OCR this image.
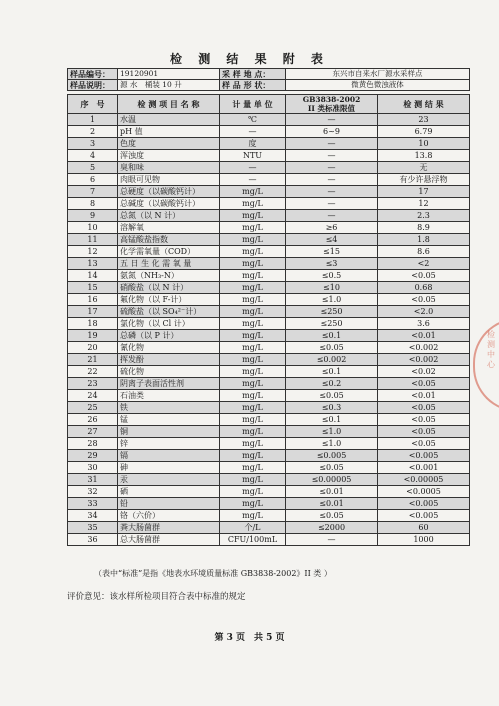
检 测 结 果 附 表
样品编号：	19120901	采 样 地 点：	东兴市自来水厂源水采样点
样品说明：	源 水　桶装 10 升	样 品 形 状：	微黄色微浊液体
序　号	检 测 项 目 名 称	计 量 单 位	GB3838-2002
II 类标准限值	检 测 结 果
1	水温	℃	—	23
2	pH 值	—	6~9	6.79
3	色度	度	—	10
4	浑浊度	NTU	—	13.8
5	臭和味	—	—	无
6	肉眼可见物	—	—	有少许悬浮物
7	总硬度（以碳酸钙计）	mg/L	—	17
8	总碱度（以碳酸钙计）	mg/L	—	12
9	总氮（以 N 计）	mg/L	—	2.3
10	溶解氧	mg/L	≥6	8.9
11	高锰酸盐指数	mg/L	≤4	1.8
12	化学需氧量（COD）	mg/L	≤15	8.6
13	五 日 生 化 需 氧 量	mg/L	≤3	<2
14	氨氮（NH₃-N）	mg/L	≤0.5	<0.05
15	硝酸盐（以 N 计）	mg/L	≤10	0.68
16	氟化物（以 F-计）	mg/L	≤1.0	<0.05
17	硫酸盐（以 SO₄²⁻计）	mg/L	≤250	<2.0
18	氯化物（以 Cl 计）	mg/L	≤250	3.6
19	总磷（以 P 计）	mg/L	≤0.1	<0.01
20	氰化物	mg/L	≤0.05	<0.002
21	挥发酚	mg/L	≤0.002	<0.002
22	硫化物	mg/L	≤0.1	<0.02
23	阴离子表面活性剂	mg/L	≤0.2	<0.05
24	石油类	mg/L	≤0.05	<0.01
25	铁	mg/L	≤0.3	<0.05
26	锰	mg/L	≤0.1	<0.05
27	铜	mg/L	≤1.0	<0.05
28	锌	mg/L	≤1.0	<0.05
29	镉	mg/L	≤0.005	<0.005
30	砷	mg/L	≤0.05	<0.001
31	汞	mg/L	≤0.00005	<0.00005
32	硒	mg/L	≤0.01	<0.0005
33	铅	mg/L	≤0.01	<0.005
34	铬（六价）	mg/L	≤0.05	<0.005
35	粪大肠菌群	个/L	≤2000	60
36	总大肠菌群	CFU/100mL	—	1000
（表中“标准”是指《地表水环境质量标准 GB3838-2002》II 类 ）
评价意见：该水样所检项目符合表中标准的规定
第 3 页　共 5 页
检测中心
